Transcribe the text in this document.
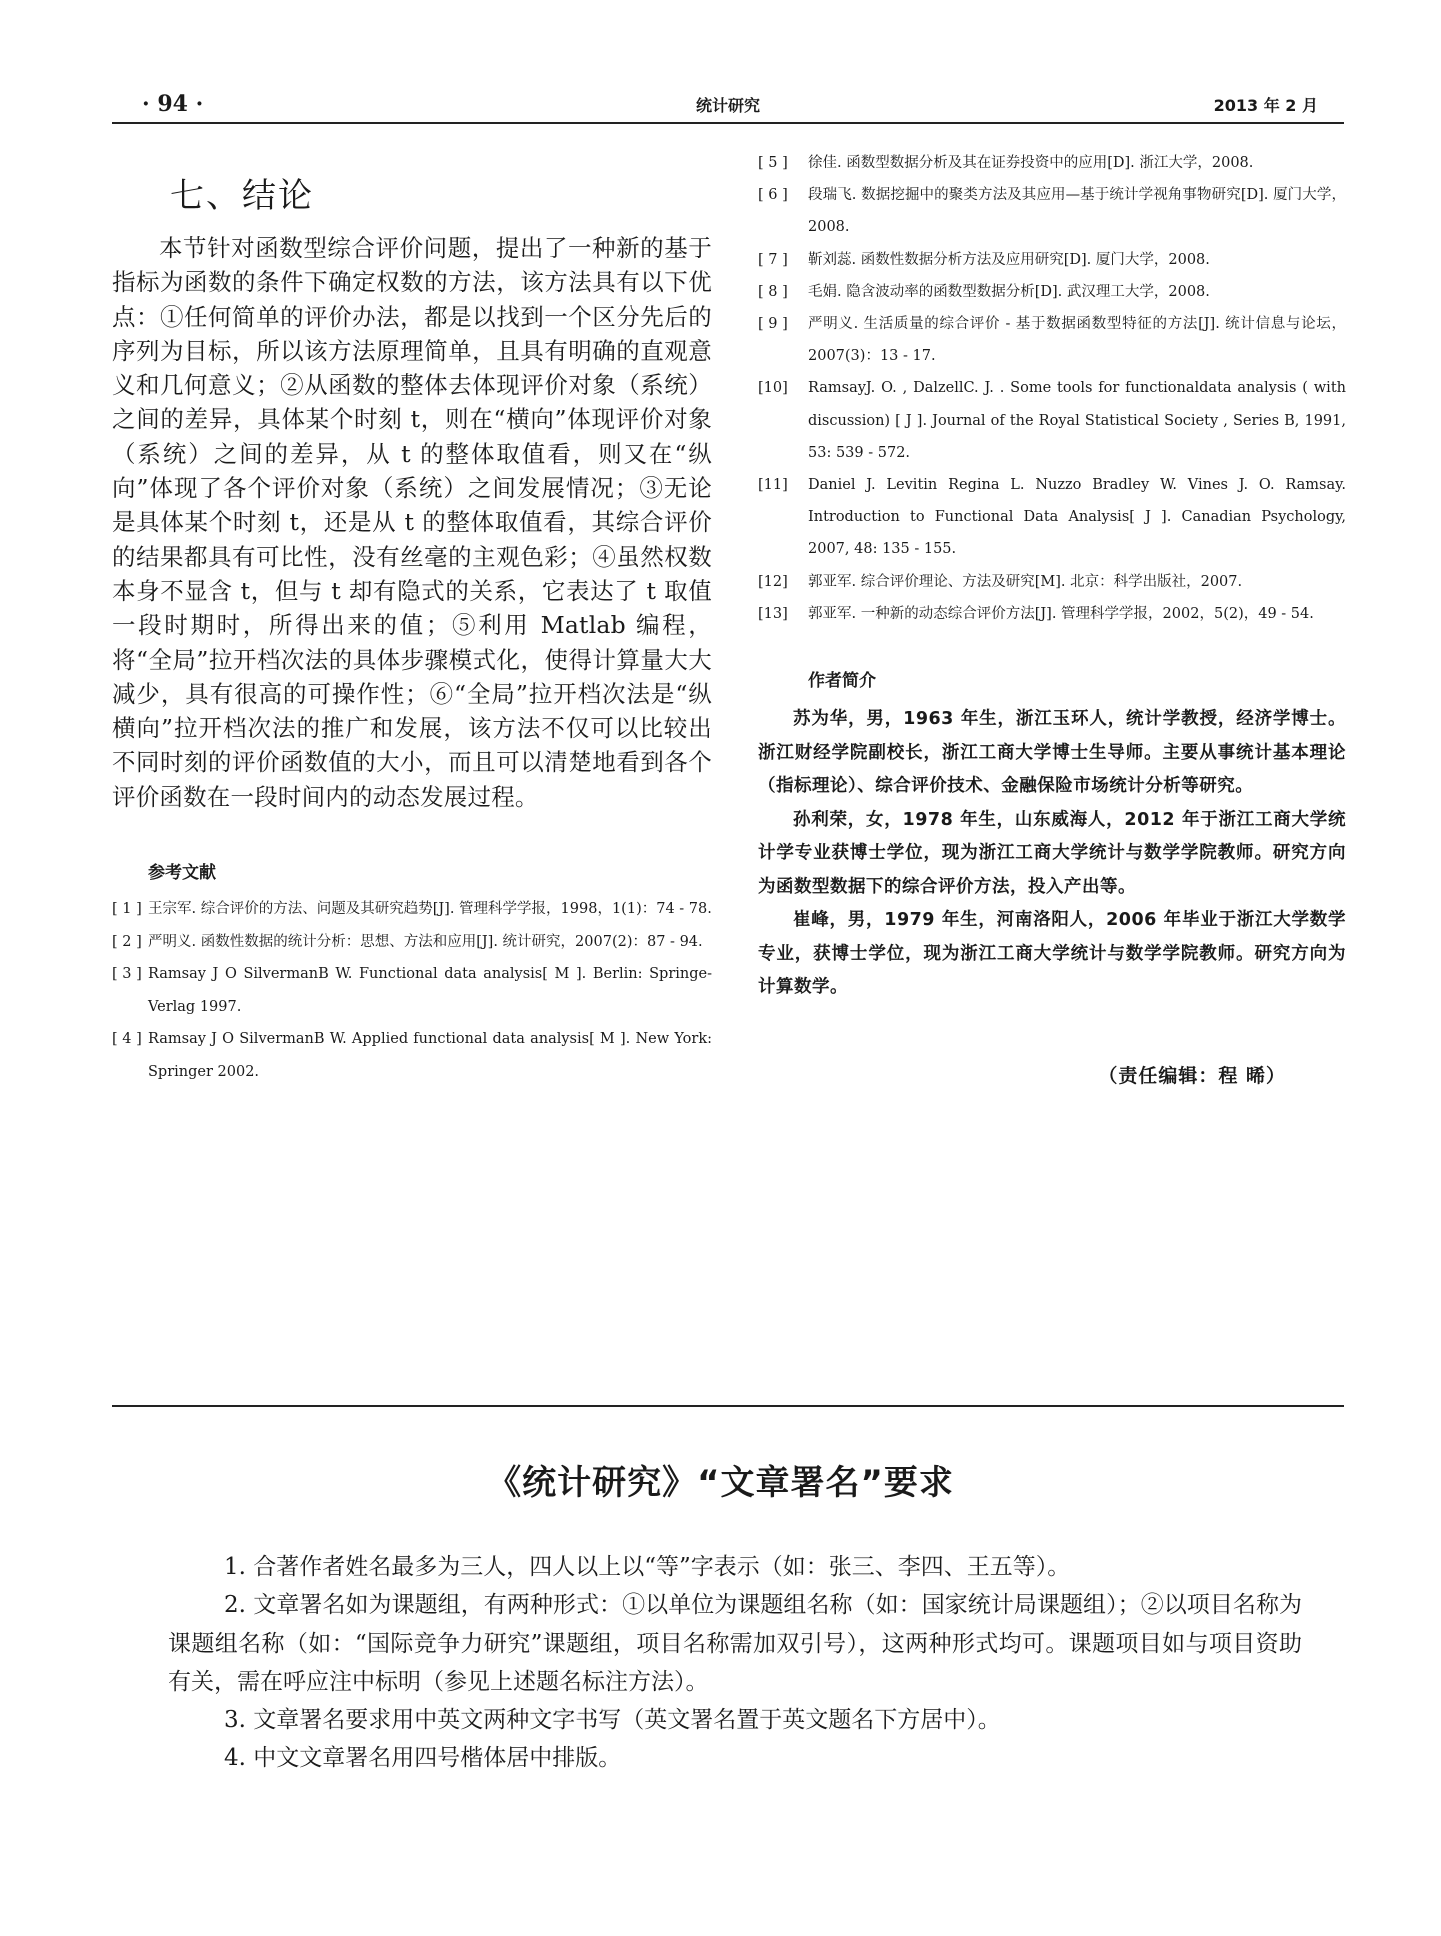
· 94 ·	统计研究	2013 年 2 月
七、结论

本节针对函数型综合评价问题，提出了一种新的基于指标为函数的条件下确定权数的方法，该方法具有以下优点：①任何简单的评价办法，都是以找到一个区分先后的序列为目标，所以该方法原理简单，且具有明确的直观意义和几何意义；②从函数的整体去体现评价对象（系统）之间的差异，具体某个时刻 t，则在“横向”体现评价对象（系统）之间的差异，从 t 的整体取值看，则又在“纵向”体现了各个评价对象（系统）之间发展情况；③无论是具体某个时刻 t，还是从 t 的整体取值看，其综合评价的结果都具有可比性，没有丝毫的主观色彩；④虽然权数本身不显含 t，但与 t 却有隐式的关系，它表达了 t 取值一段时期时，所得出来的值；⑤利用 Matlab 编程，将“全局”拉开档次法的具体步骤模式化，使得计算量大大减少，具有很高的可操作性；⑥“全局”拉开档次法是“纵横向”拉开档次法的推广和发展，该方法不仅可以比较出不同时刻的评价函数值的大小，而且可以清楚地看到各个评价函数在一段时间内的动态发展过程。

参考文献
[ 1 ] 王宗军. 综合评价的方法、问题及其研究趋势[J]. 管理科学学报，1998，1(1)：74 - 78.
[ 2 ] 严明义. 函数性数据的统计分析：思想、方法和应用[J]. 统计研究，2007(2)：87 - 94.
[ 3 ] Ramsay J O SilvermanB W. Functional data analysis[ M ]. Berlin: Springe-Verlag 1997.
[ 4 ] Ramsay J O SilvermanB W. Applied functional data analysis[ M ]. New York: Springer 2002.
[ 5 ] 徐佳. 函数型数据分析及其在证券投资中的应用[D]. 浙江大学，2008.
[ 6 ] 段瑞飞. 数据挖掘中的聚类方法及其应用—基于统计学视角事物研究[D]. 厦门大学，2008.
[ 7 ] 靳刘蕊. 函数性数据分析方法及应用研究[D]. 厦门大学，2008.
[ 8 ] 毛娟. 隐含波动率的函数型数据分析[D]. 武汉理工大学，2008.
[ 9 ] 严明义. 生活质量的综合评价 - 基于数据函数型特征的方法[J]. 统计信息与论坛，2007(3)：13 - 17.
[10] RamsayJ. O. , DalzellC. J. . Some tools for functionaldata analysis ( with discussion) [ J ]. Journal of the Royal Statistical Society , Series B, 1991, 53: 539 - 572.
[11] Daniel J. Levitin Regina L. Nuzzo Bradley W. Vines J. O. Ramsay. Introduction to Functional Data Analysis[ J ]. Canadian Psychology, 2007, 48: 135 - 155.
[12] 郭亚军. 综合评价理论、方法及研究[M]. 北京：科学出版社，2007.
[13] 郭亚军. 一种新的动态综合评价方法[J]. 管理科学学报，2002，5(2)，49 - 54.
作者简介

苏为华，男，1963 年生，浙江玉环人，统计学教授，经济学博士。浙江财经学院副校长，浙江工商大学博士生导师。主要从事统计基本理论（指标理论）、综合评价技术、金融保险市场统计分析等研究。

孙利荣，女，1978 年生，山东威海人，2012 年于浙江工商大学统计学专业获博士学位，现为浙江工商大学统计与数学学院教师。研究方向为函数型数据下的综合评价方法，投入产出等。

崔峰，男，1979 年生，河南洛阳人，2006 年毕业于浙江大学数学专业，获博士学位，现为浙江工商大学统计与数学学院教师。研究方向为计算数学。

（责任编辑：程 晞）
《统计研究》“文章署名”要求

1. 合著作者姓名最多为三人，四人以上以“等”字表示（如：张三、李四、王五等）。

2. 文章署名如为课题组，有两种形式：①以单位为课题组名称（如：国家统计局课题组）；②以项目名称为课题组名称（如：“国际竞争力研究”课题组，项目名称需加双引号），这两种形式均可。课题项目如与项目资助有关，需在呼应注中标明（参见上述题名标注方法）。

3. 文章署名要求用中英文两种文字书写（英文署名置于英文题名下方居中）。

4. 中文文章署名用四号楷体居中排版。
